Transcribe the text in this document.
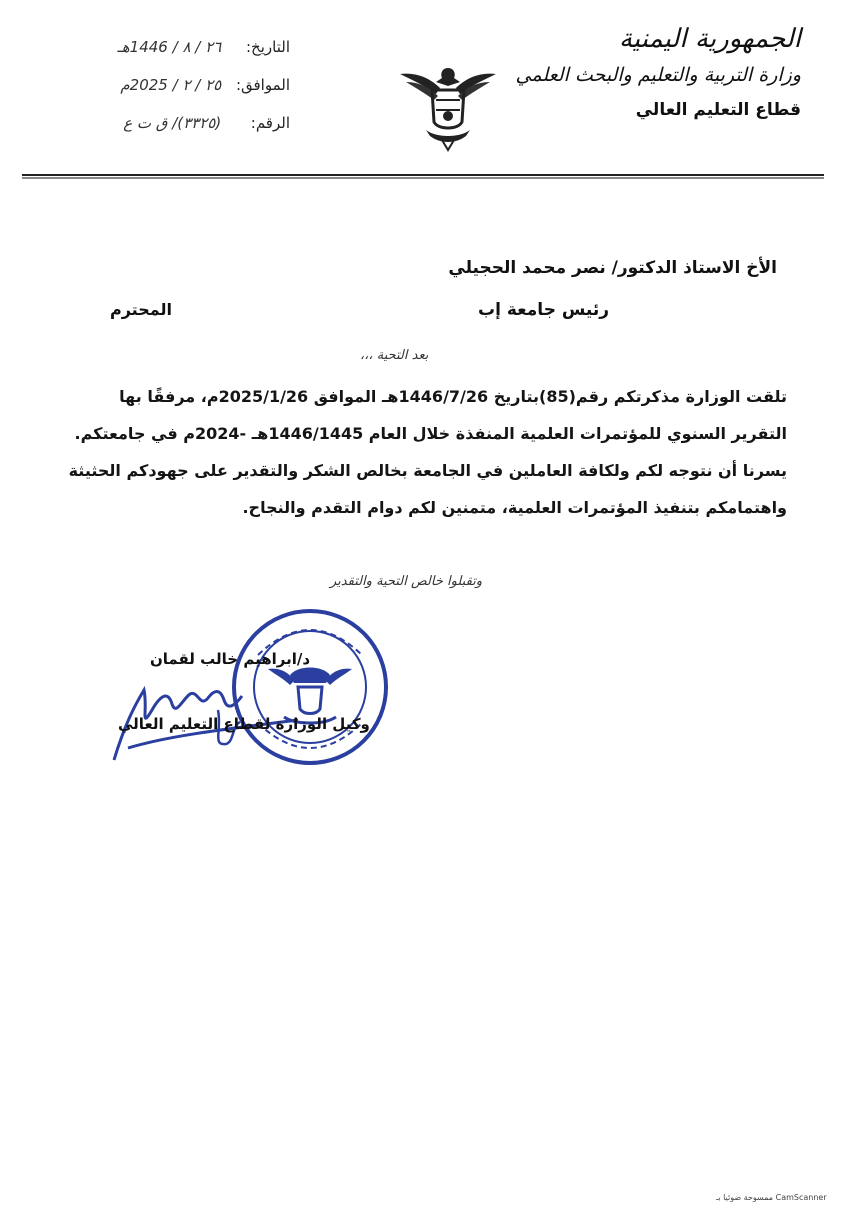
الجمهورية اليمنية
وزارة التربية والتعليم والبحث العلمي
قطاع التعليم العالي
التاريخ: ٢٦ / ٨ / 1446هـ
الموافق: ٢٥ / ٢ / 2025م
الرقم: (٣٣٢٥)/ ق ت ع
الأخ الاستاذ الدكتور/ نصر محمد الحجيلي
رئيس جامعة إب
المحترم
بعد التحية ،،،

تلقت الوزارة مذكرتكم رقم(85)بتاريخ 1446/7/26هـ الموافق 2025/1/26م، مرفقًا بها التقرير السنوي للمؤتمرات العلمية المنفذة خلال العام 1446/1445هـ -2024م في جامعتكم.

يسرنا أن نتوجه لكم ولكافة العاملين في الجامعة بخالص الشكر والتقدير على جهودكم الحثيثة واهتمامكم بتنفيذ المؤتمرات العلمية، متمنين لكم دوام التقدم والنجاح.

وتقبلوا خالص التحية والتقدير
د/ابراهيم خالب لقمان
وكيل الوزارة لقطاع التعليم العالي
CamScanner ممسوحة ضوئيا بـ
